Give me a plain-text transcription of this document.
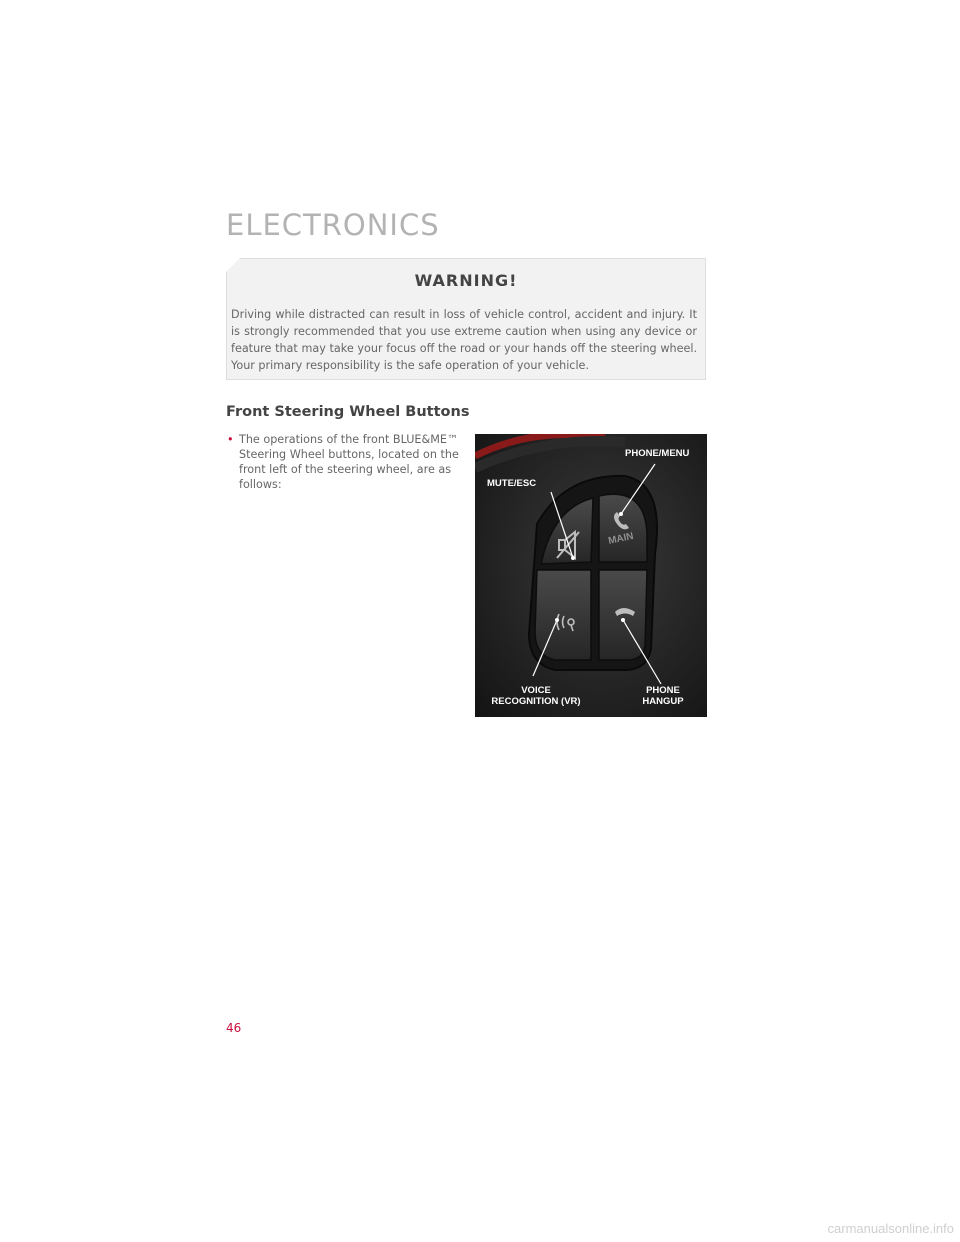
ELECTRONICS
WARNING!
Driving while distracted can result in loss of vehicle control, accident and injury. It is strongly recommended that you use extreme caution when using any device or feature that may take your focus off the road or your hands off the steering wheel. Your primary responsibility is the safe operation of your vehicle.
Front Steering Wheel Buttons
• The operations of the front BLUE&ME™ Steering Wheel buttons, located on the front left of the steering wheel, are as follows:
MAIN
PHONE/MENU
MUTE/ESC
VOICE
RECOGNITION (VR)
PHONE
HANGUP
46
carmanualsonline.info
